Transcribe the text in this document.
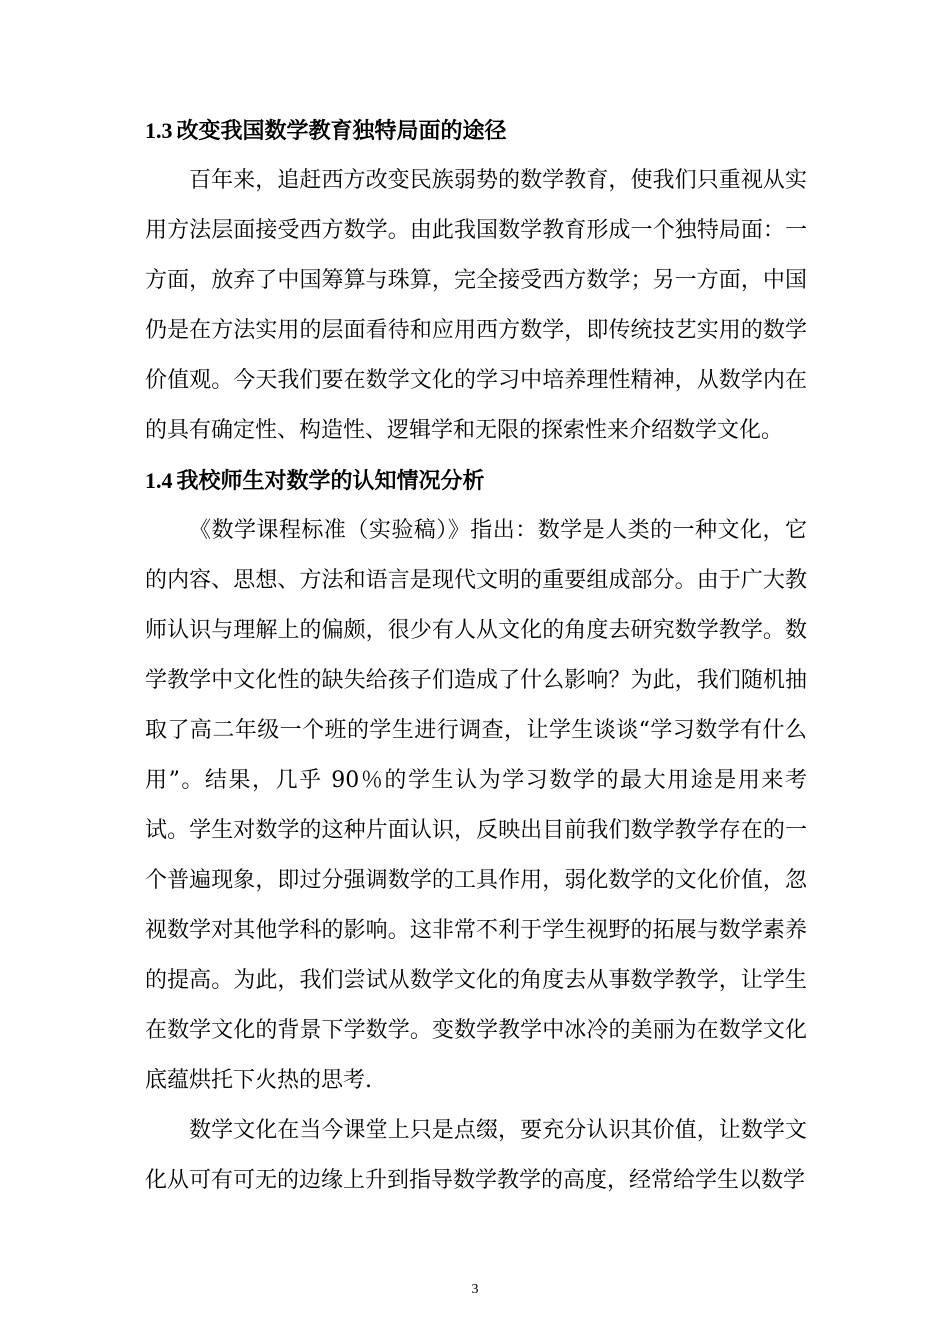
1.3 改变我国数学教育独特局面的途径

百年来，追赶西方改变民族弱势的数学教育，使我们只重视从实用方法层面接受西方数学。由此我国数学教育形成一个独特局面：一方面，放弃了中国筹算与珠算，完全接受西方数学；另一方面，中国仍是在方法实用的层面看待和应用西方数学，即传统技艺实用的数学价值观。今天我们要在数学文化的学习中培养理性精神，从数学内在的具有确定性、构造性、逻辑学和无限的探索性来介绍数学文化。

1.4 我校师生对数学的认知情况分析

《数学课程标准（实验稿）》指出：数学是人类的一种文化，它的内容、思想、方法和语言是现代文明的重要组成部分。由于广大教师认识与理解上的偏颇，很少有人从文化的角度去研究数学教学。数学教学中文化性的缺失给孩子们造成了什么影响？为此，我们随机抽取了高二年级一个班的学生进行调查，让学生谈谈“学习数学有什么用”。结果，几乎 90％的学生认为学习数学的最大用途是用来考试。学生对数学的这种片面认识，反映出目前我们数学教学存在的一个普遍现象，即过分强调数学的工具作用，弱化数学的文化价值，忽视数学对其他学科的影响。这非常不利于学生视野的拓展与数学素养的提高。为此，我们尝试从数学文化的角度去从事数学教学，让学生在数学文化的背景下学数学。变数学教学中冰冷的美丽为在数学文化底蕴烘托下火热的思考.

数学文化在当今课堂上只是点缀，要充分认识其价值，让数学文化从可有可无的边缘上升到指导数学教学的高度，经常给学生以数学

3
